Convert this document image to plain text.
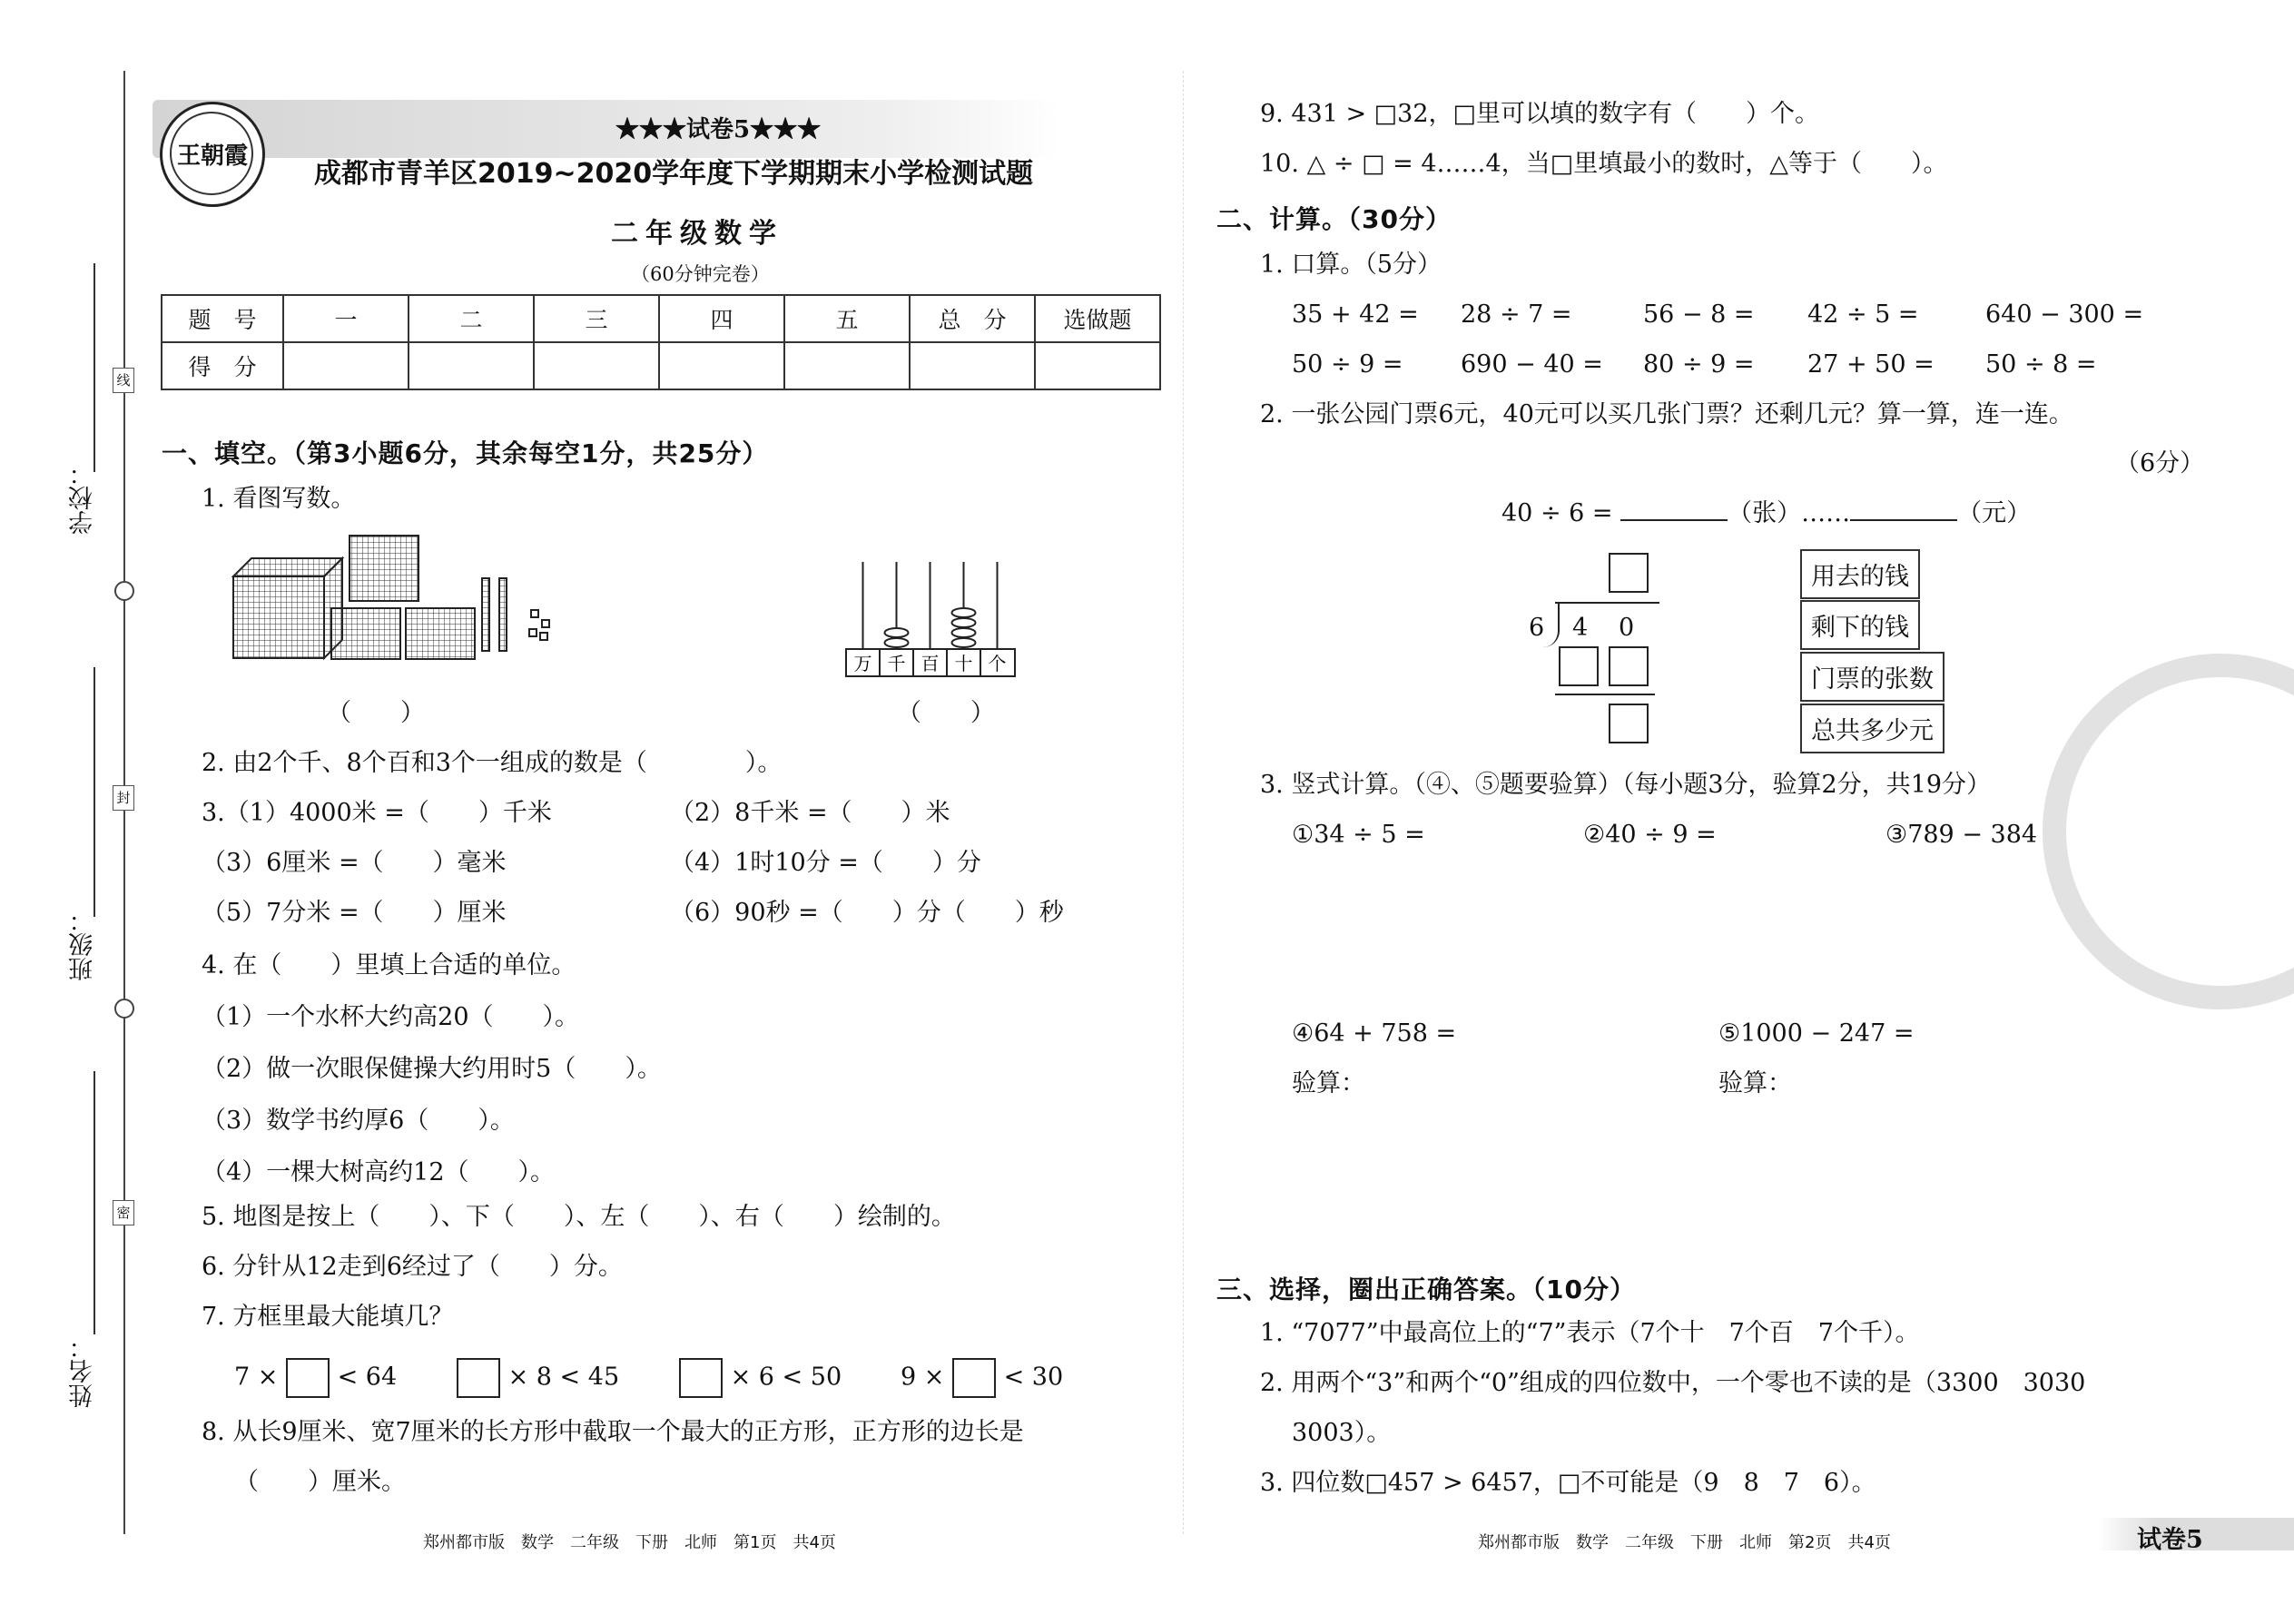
学校：
班级：
姓名：
线
封
密
王朝霞
★★★试卷5★★★
成都市青羊区2019~2020学年度下学期期末小学检测试题
二年级数学
（60分钟完卷）
题　号	一	二	三	四	五	总　分	选做题
得　分							
一、填空。（第3小题6分，其余每空1分，共25分）
1. 看图写数。
万 千 百 十 个
（　　）	（　　）
2. 由2个千、8个百和3个一组成的数是（　　　　）。
3.（1）4000米 =（　　）千米	（2）8千米 =（　　）米
（3）6厘米 =（　　）毫米	（4）1时10分 =（　　）分
（5）7分米 =（　　）厘米	（6）90秒 =（　　）分（　　）秒
4. 在（　　）里填上合适的单位。
（1）一个水杯大约高20（　　）。
（2）做一次眼保健操大约用时5（　　）。
（3）数学书约厚6（　　）。
（4）一棵大树高约12（　　）。
5. 地图是按上（　　）、下（　　）、左（　　）、右（　　）绘制的。
6. 分针从12走到6经过了（　　）分。
7. 方框里最大能填几？
7 × < 64	× 8 < 45	× 6 < 50 9 × < 30
8. 从长9厘米、宽7厘米的长方形中截取一个最大的正方形，正方形的边长是
（　　）厘米。
9. 431 > □32，□里可以填的数字有（　　）个。
10. △ ÷ □ = 4……4，当□里填最小的数时，△等于（　　）。
二、计算。（30分）
1. 口算。（5分）
35 + 42 = 28 ÷ 7 =	56 − 8 = 42 ÷ 5 =	640 − 300 =
50 ÷ 9 = 690 − 40 = 80 ÷ 9 = 27 + 50 = 50 ÷ 8 =
2. 一张公园门票6元，40元可以买几张门票？还剩几元？算一算，连一连。
（6分）
40 ÷ 6 =	（张）……	（元）
6 4 0
用去的钱
剩下的钱
门票的张数
总共多少元
3. 竖式计算。（④、⑤题要验算）（每小题3分，验算2分，共19分）
①34 ÷ 5 =	②40 ÷ 9 =	③789 − 384 =
④64 + 758 =	⑤1000 − 247 =
验算：	验算：
三、选择，圈出正确答案。（10分）
1. “7077”中最高位上的“7”表示（7个十　7个百　7个千）。
2. 用两个“3”和两个“0”组成的四位数中，一个零也不读的是（3300　3030
3003）。
3. 四位数□457 > 6457，□不可能是（9　8　7　6）。
郑州都市版　数学　二年级　下册　北师　第1页　共4页	郑州都市版　数学　二年级　下册　北师　第2页　共4页	试卷5
